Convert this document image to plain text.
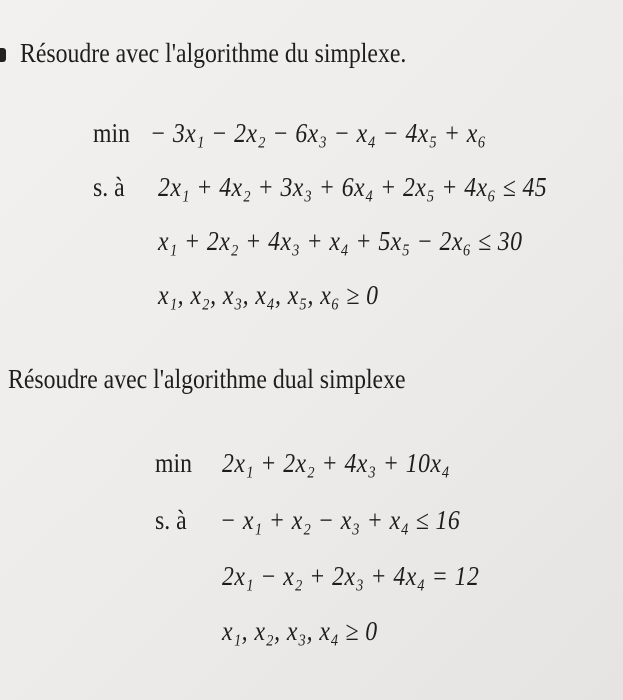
Résoudre avec l'algorithme du simplexe.
min − 3x₁ − 2x₂ − 6x₃ − x₄ − 4x₅ + x₆
s. à 2x₁ + 4x₂ + 3x₃ + 6x₄ + 2x₅ + 4x₆ ≤ 45
x₁ + 2x₂ + 4x₃ + x₄ + 5x₅ − 2x₆ ≤ 30
x₁, x₂, x₃, x₄, x₅, x₆ ≥ 0
Résoudre avec l'algorithme dual simplexe
min 2x₁ + 2x₂ + 4x₃ + 10x₄
s. à − x₁ + x₂ − x₃ + x₄ ≤ 16
2x₁ − x₂ + 2x₃ + 4x₄ = 12
x₁, x₂, x₃, x₄ ≥ 0
